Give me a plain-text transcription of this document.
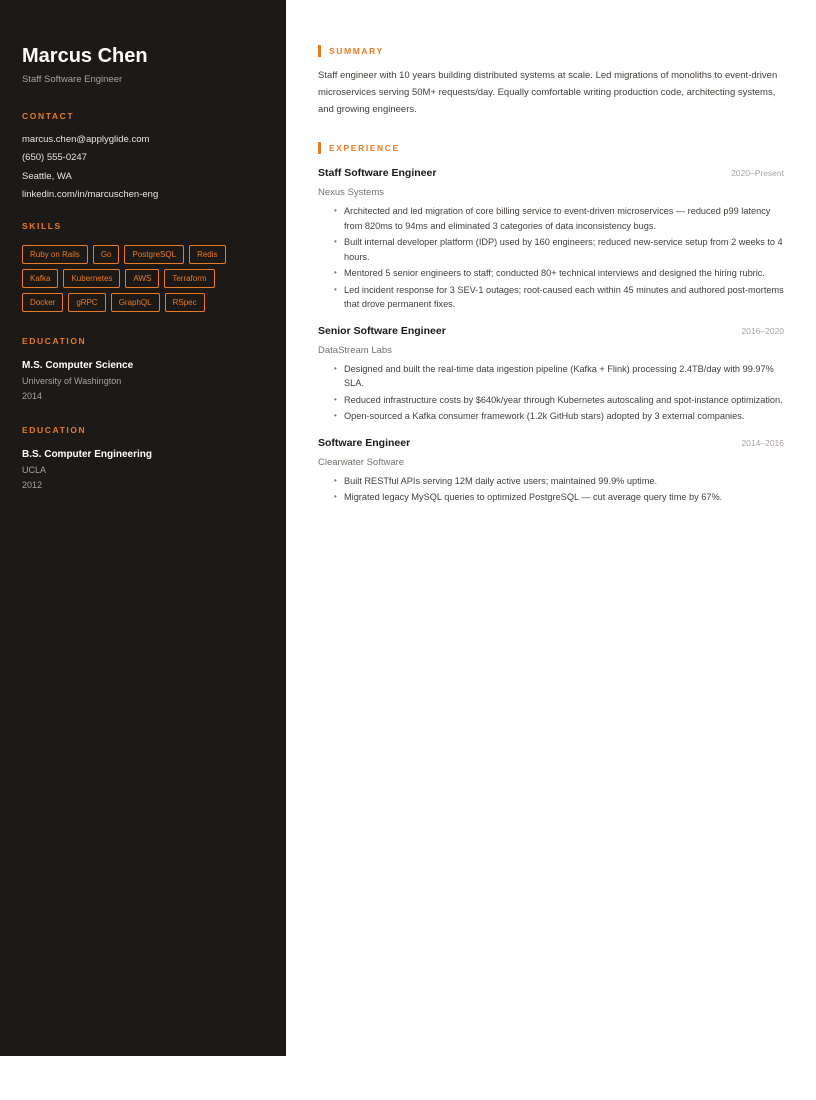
Marcus Chen
Staff Software Engineer
CONTACT
marcus.chen@applyglide.com
(650) 555-0247
Seattle, WA
linkedin.com/in/marcuschen-eng
SKILLS
Ruby on Rails	Go	PostgreSQL	Redis
Kafka	Kubernetes	AWS	Terraform
Docker	gRPC	GraphQL	RSpec
EDUCATION
M.S. Computer Science
University of Washington
2014
EDUCATION
B.S. Computer Engineering
UCLA
2012
SUMMARY

Staff engineer with 10 years building distributed systems at scale. Led migrations of monoliths to event-driven microservices serving 50M+ requests/day. Equally comfortable writing production code, architecting systems, and growing engineers.

EXPERIENCE
Staff Software Engineer	2020–Present
Nexus Systems
• Architected and led migration of core billing service to event-driven microservices — reduced p99 latency from 820ms to 94ms and eliminated 3 categories of data inconsistency bugs.
• Built internal developer platform (IDP) used by 160 engineers; reduced new-service setup from 2 weeks to 4 hours.
• Mentored 5 senior engineers to staff; conducted 80+ technical interviews and designed the hiring rubric.
• Led incident response for 3 SEV-1 outages; root-caused each within 45 minutes and authored post-mortems that drove permanent fixes.
Senior Software Engineer	2016–2020
DataStream Labs
• Designed and built the real-time data ingestion pipeline (Kafka + Flink) processing 2.4TB/day with 99.97% SLA.
• Reduced infrastructure costs by $640k/year through Kubernetes autoscaling and spot-instance optimization.
• Open-sourced a Kafka consumer framework (1.2k GitHub stars) adopted by 3 external companies.
Software Engineer	2014–2016
Clearwater Software
• Built RESTful APIs serving 12M daily active users; maintained 99.9% uptime.
• Migrated legacy MySQL queries to optimized PostgreSQL — cut average query time by 67%.
